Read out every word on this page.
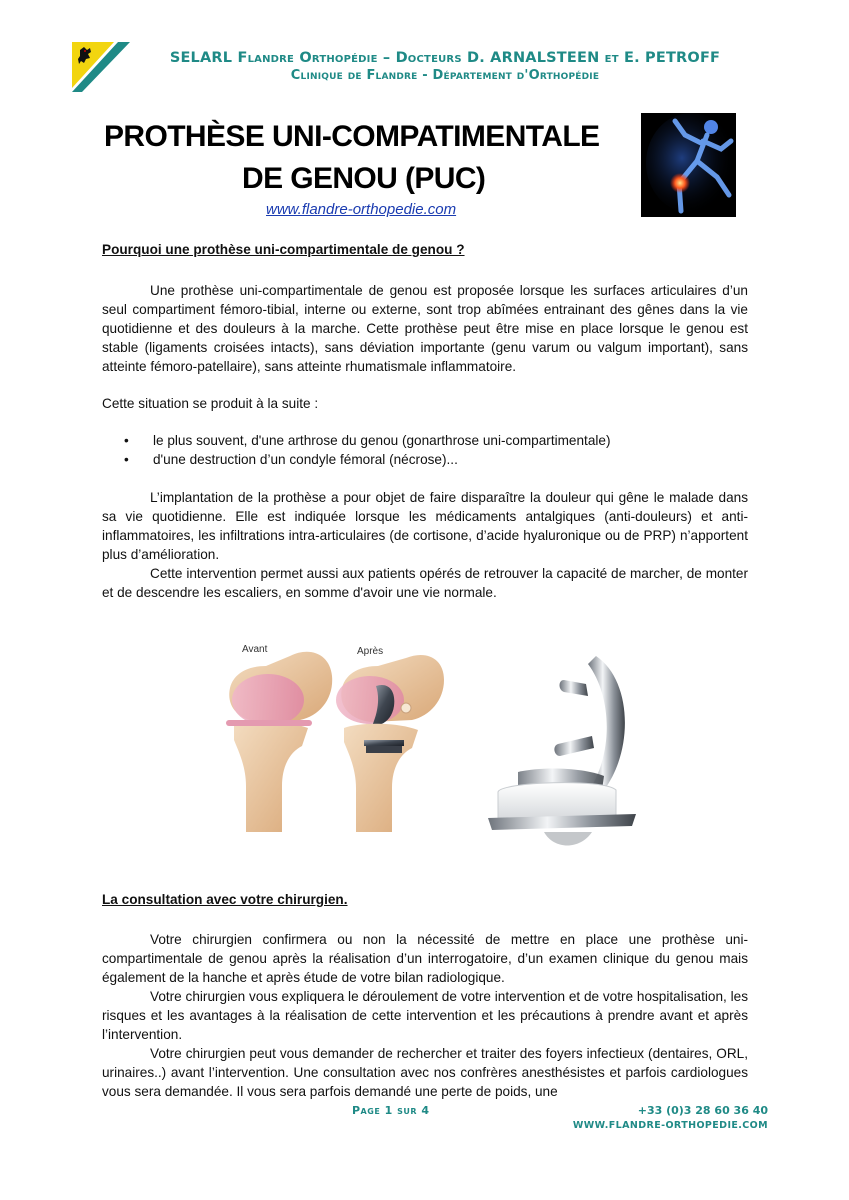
SELARL Flandre Orthopédie – Docteurs D. ARNALSTEEN et E. PETROFF
Clinique de Flandre - Département d'Orthopédie
PROTHÈSE UNI-COMPATIMENTALE
DE GENOU (PUC)
www.flandre-orthopedie.com
Pourquoi une prothèse uni-compartimentale de genou ?
Une prothèse uni-compartimentale de genou est proposée lorsque les surfaces articulaires d’un seul compartiment fémoro-tibial, interne ou externe, sont trop abîmées entrainant des gênes dans la vie quotidienne et des douleurs à la marche. Cette prothèse peut être mise en place lorsque le genou est stable (ligaments croisées intacts), sans déviation importante (genu varum ou valgum important), sans atteinte fémoro-patellaire), sans atteinte rhumatismale inflammatoire.
Cette situation se produit à la suite :
• le plus souvent, d'une arthrose du genou (gonarthrose uni-compartimentale)
• d'une destruction d’un condyle fémoral (nécrose)...
L’implantation de la prothèse a pour objet de faire disparaître la douleur qui gêne le malade dans sa vie quotidienne. Elle est indiquée lorsque les médicaments antalgiques (anti-douleurs) et anti-inflammatoires, les infiltrations intra-articulaires (de cortisone, d’acide hyaluronique ou de PRP) n’apportent plus d’amélioration.
Cette intervention permet aussi aux patients opérés de retrouver la capacité de marcher, de monter et de descendre les escaliers, en somme d'avoir une vie normale.
Avant	Après
La consultation avec votre chirurgien.
Votre chirurgien confirmera ou non la nécessité de mettre en place une prothèse uni-compartimentale de genou après la réalisation d’un interrogatoire, d’un examen clinique du genou mais également de la hanche et après étude de votre bilan radiologique.
Votre chirurgien vous expliquera le déroulement de votre intervention et de votre hospitalisation, les risques et les avantages à la réalisation de cette intervention et les précautions à prendre avant et après l’intervention.
Votre chirurgien peut vous demander de rechercher et traiter des foyers infectieux (dentaires, ORL, urinaires..) avant l’intervention. Une consultation avec nos confrères anesthésistes et parfois cardiologues vous sera demandée. Il vous sera parfois demandé une perte de poids, une
Page 1 sur 4	+33 (0)3 28 60 36 40
WWW.FLANDRE-ORTHOPEDIE.COM
